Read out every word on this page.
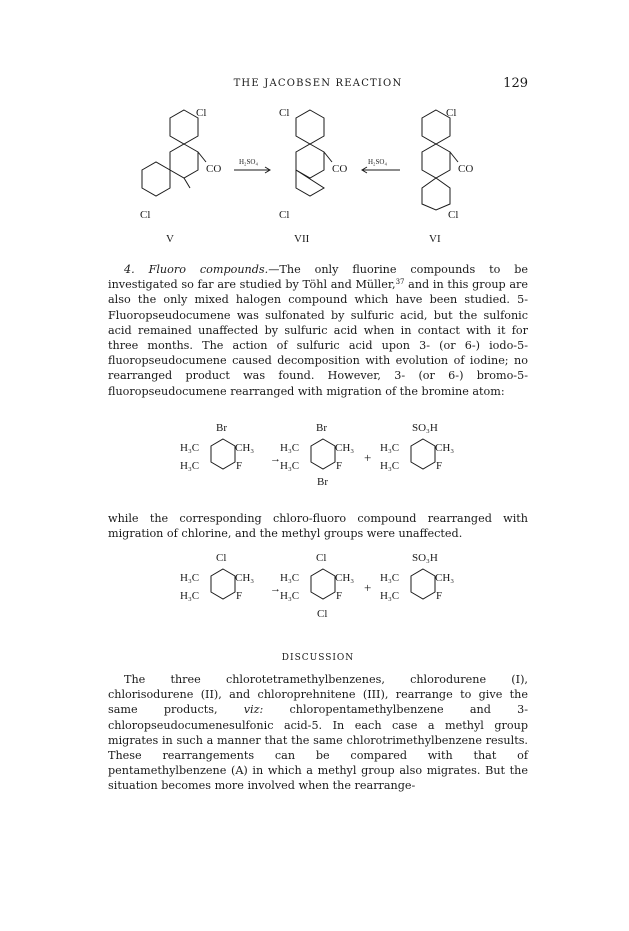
THE JACOBSEN REACTION	129
Cl
CO
Cl
V
H₂SO₄
Cl
CO
Cl
VII
H₂SO₄
Cl
CO
Cl
VI

4. Fluoro compounds.—The only fluorine compounds to be investigated so far are studied by Töhl and Müller,$^{37}$ and in this group are also the only mixed halogen compound which have been studied. 5-Fluoropseudocumene was sulfonated by sulfuric acid, but the sulfonic acid remained unaffected by sulfuric acid when in contact with it for three months. The action of sulfuric acid upon 3- (or 6-) iodo-5-fluoropseudocumene caused decomposition with evolution of iodine; no rearranged product was found. However, 3- (or 6-) bromo-5-fluoropseudocumene rearranged with migration of the bromine atom:

Br
H₃C	CH₃
H₃C	F
→
Br
H₃C	CH₃
H₃C	F
Br
+
SO₃H
H₃C	CH₃
H₃C	F

while the corresponding chloro-fluoro compound rearranged with migration of chlorine, and the methyl groups were unaffected.

Cl
H₃C	CH₃
H₃C	F
→
Cl
H₃C	CH₃
H₃C	F
Cl
+
SO₃H
H₃C	CH₃
H₃C	F
DISCUSSION

The three chlorotetramethylbenzenes, chlorodurene (I), chlorisodurene (II), and chloroprehnitene (III), rearrange to give the same products, viz: chloropentamethylbenzene and 3-chloropseudocumenesulfonic acid-5. In each case a methyl group migrates in such a manner that the same chlorotrimethylbenzene results. These rearrangements can be compared with that of pentamethylbenzene (A) in which a methyl group also migrates. But the situation becomes more involved when the rearrange-
